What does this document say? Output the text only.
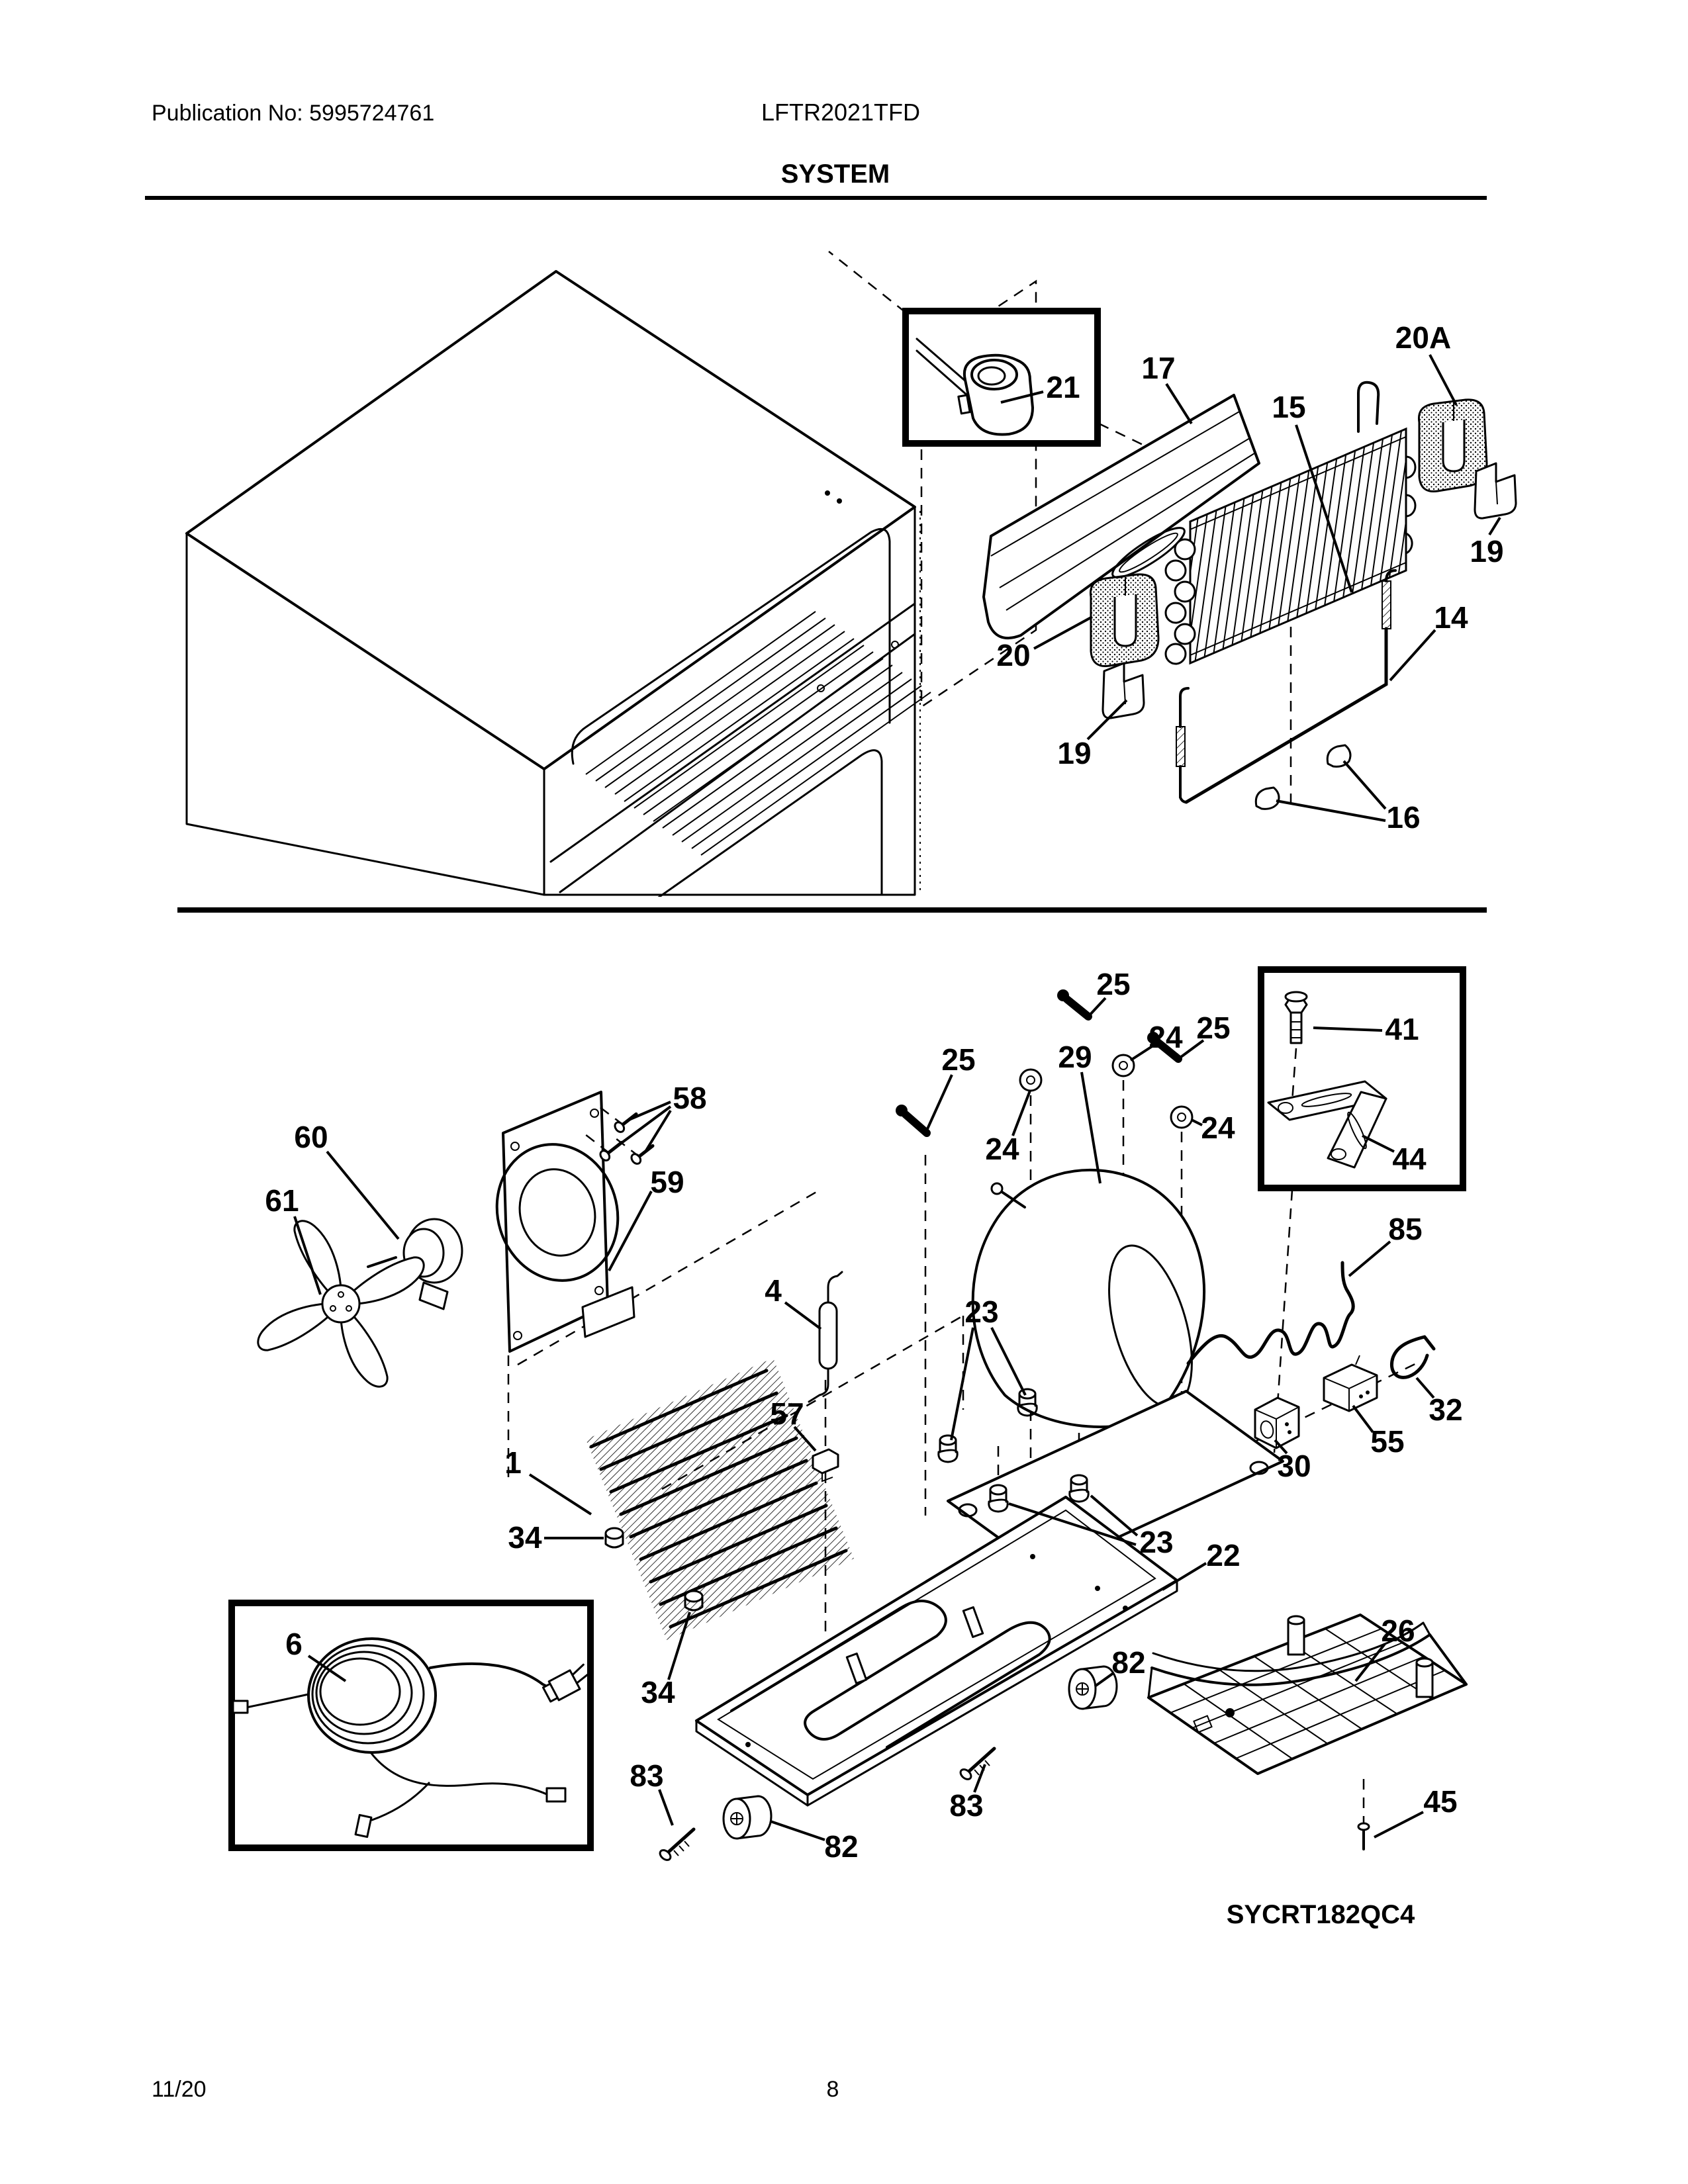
Publication No: 5995724761	LFTR2021TFD
SYSTEM
21
17
15
20A
19
14
20
19
16
58
60
61
59
25
25
25
24
29
24
24
41
44
85
4
23
57	32
30
55
23
1
34
22
34
6
82
83
82
83
26
45
SYCRT182QC4
11/20	8
